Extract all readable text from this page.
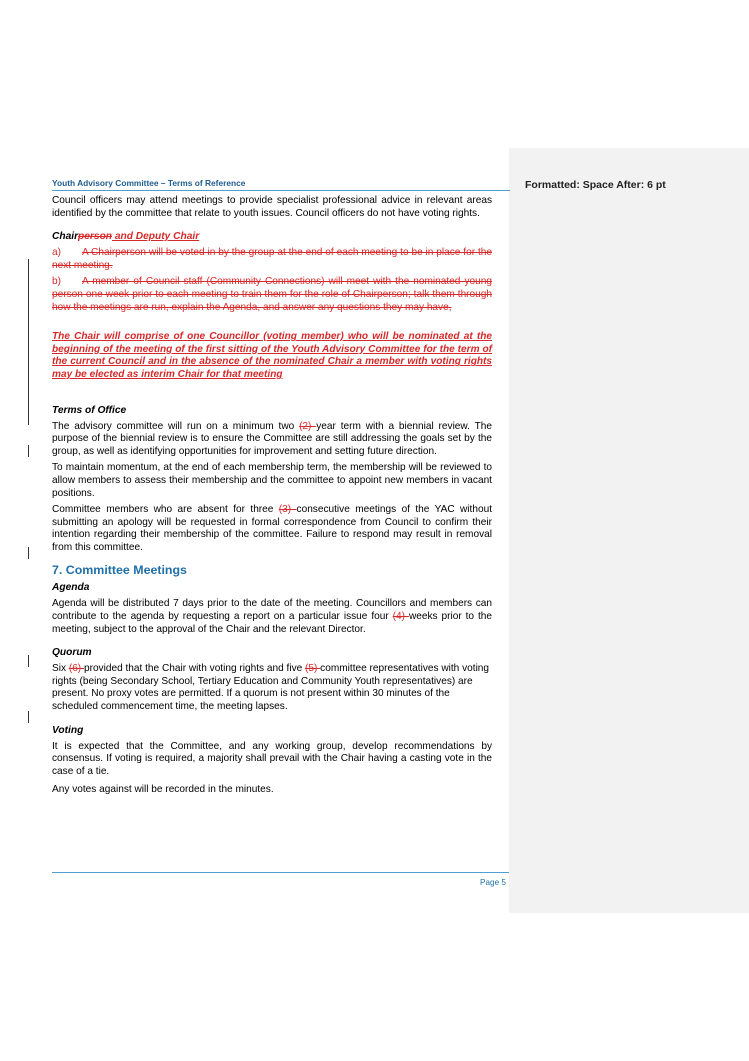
Formatted: Space After: 6 pt
Youth Advisory Committee – Terms of Reference

Council officers may attend meetings to provide specialist professional advice in relevant areas identified by the committee that relate to youth issues. Council officers do not have voting rights.

Chairperson and Deputy Chair

a) A Chairperson will be voted in by the group at the end of each meeting to be in place for the next meeting.

b) A member of Council staff (Community Connections) will meet with the nominated young person one week prior to each meeting to train them for the role of Chairperson; talk them through how the meetings are run, explain the Agenda, and answer any questions they may have,

The Chair will comprise of one Councillor (voting member) who will be nominated at the beginning of the meeting of the first sitting of the Youth Advisory Committee for the term of the current Council and in the absence of the nominated Chair a member with voting rights may be elected as interim Chair for that meeting

Terms of Office

The advisory committee will run on a minimum two (2) year term with a biennial review. The purpose of the biennial review is to ensure the Committee are still addressing the goals set by the group, as well as identifying opportunities for improvement and setting future direction.

To maintain momentum, at the end of each membership term, the membership will be reviewed to allow members to assess their membership and the committee to appoint new members in vacant positions.

Committee members who are absent for three (3) consecutive meetings of the YAC without submitting an apology will be requested in formal correspondence from Council to confirm their intention regarding their membership of the committee. Failure to respond may result in removal from this committee.

7. Committee Meetings
Agenda

Agenda will be distributed 7 days prior to the date of the meeting. Councillors and members can contribute to the agenda by requesting a report on a particular issue four (4) weeks prior to the meeting, subject to the approval of the Chair and the relevant Director.

Quorum

Six (6) provided that the Chair with voting rights and five (5) committee representatives with voting rights (being Secondary School, Tertiary Education and Community Youth representatives) are present. No proxy votes are permitted. If a quorum is not present within 30 minutes of the scheduled commencement time, the meeting lapses.

Voting

It is expected that the Committee, and any working group, develop recommendations by consensus. If voting is required, a majority shall prevail with the Chair having a casting vote in the case of a tie.

Any votes against will be recorded in the minutes.

Page 5
